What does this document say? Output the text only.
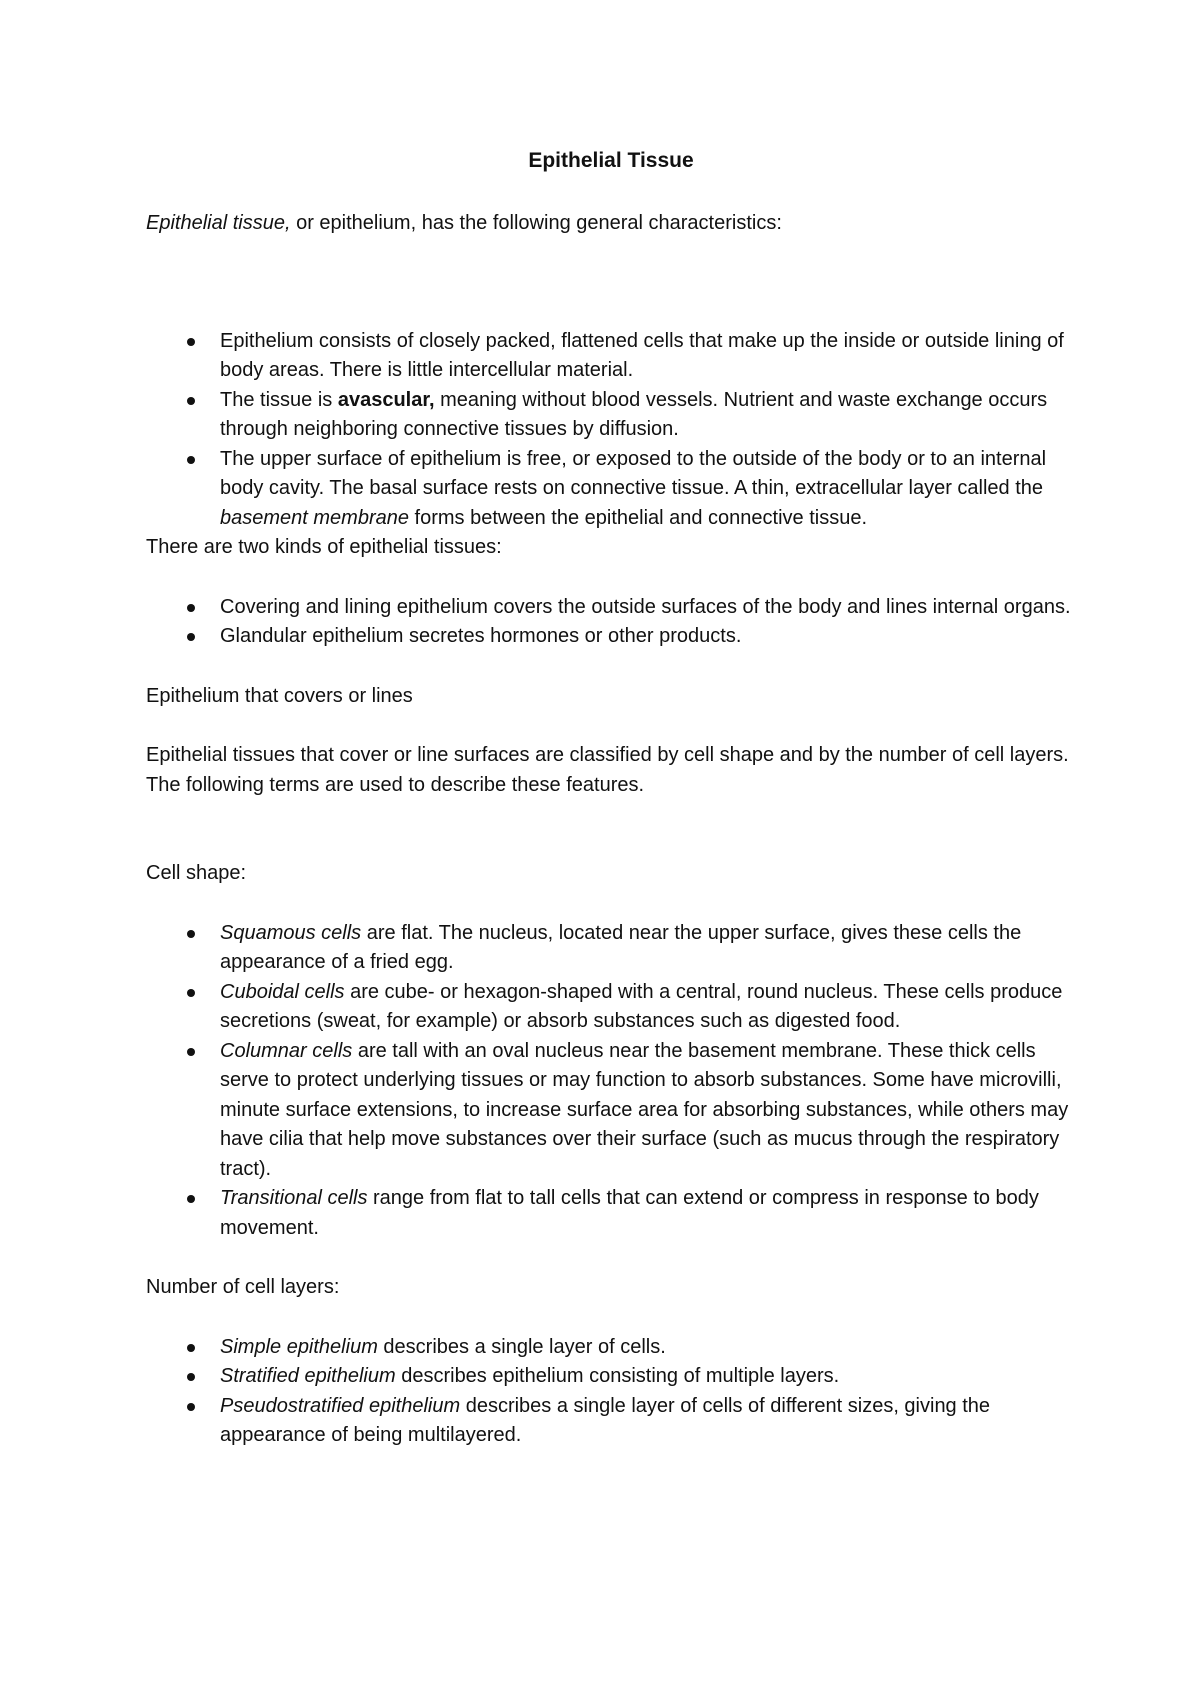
Epithelial Tissue

Epithelial tissue, or epithelium, has the following general characteristics:

Epithelium consists of closely packed, flattened cells that make up the inside or outside lining of body areas. There is little intercellular material.
The tissue is avascular, meaning without blood vessels. Nutrient and waste exchange occurs through neighboring connective tissues by diffusion.
The upper surface of epithelium is free, or exposed to the outside of the body or to an internal body cavity. The basal surface rests on connective tissue. A thin, extracellular layer called the basement membrane forms between the epithelial and connective tissue.

There are two kinds of epithelial tissues:

Covering and lining epithelium covers the outside surfaces of the body and lines internal organs.
Glandular epithelium secretes hormones or other products.

Epithelium that covers or lines

Epithelial tissues that cover or line surfaces are classified by cell shape and by the number of cell layers. The following terms are used to describe these features.

Cell shape:

Squamous cells are flat. The nucleus, located near the upper surface, gives these cells the appearance of a fried egg.
Cuboidal cells are cube- or hexagon-shaped with a central, round nucleus. These cells produce secretions (sweat, for example) or absorb substances such as digested food.
Columnar cells are tall with an oval nucleus near the basement membrane. These thick cells serve to protect underlying tissues or may function to absorb substances. Some have microvilli, minute surface extensions, to increase surface area for absorbing substances, while others may have cilia that help move substances over their surface (such as mucus through the respiratory tract).
Transitional cells range from flat to tall cells that can extend or compress in response to body movement.

Number of cell layers:

Simple epithelium describes a single layer of cells.
Stratified epithelium describes epithelium consisting of multiple layers.
Pseudostratified epithelium describes a single layer of cells of different sizes, giving the appearance of being multilayered.
